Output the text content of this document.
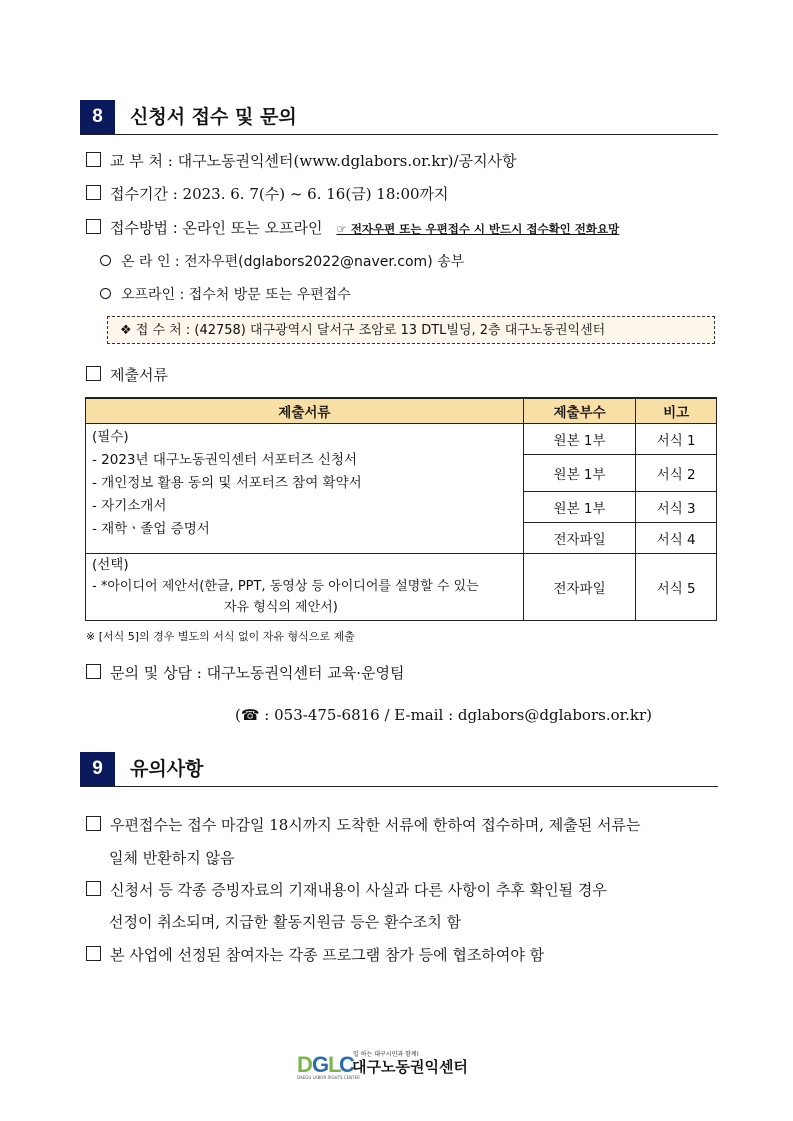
8	신청서 접수 및 문의
교 부 처 : 대구노동권익센터(www.dglabors.or.kr)/공지사항
접수기간 : 2023. 6. 7(수) ~ 6. 16(금) 18:00까지
접수방법 : 온라인 또는 오프라인 ☞ 전자우편 또는 우편접수 시 반드시 접수확인 전화요망
온 라 인 : 전자우편(dglabors2022@naver.com) 송부
오프라인 : 접수처 방문 또는 우편접수
❖ 접 수 처 : (42758) 대구광역시 달서구 조암로 13 DTL빌딩, 2층 대구노동권익센터
제출서류
제출서류	제출부수	비고

(필수)
- 2023년 대구노동권익센터 서포터즈 신청서
- 개인정보 활용 동의 및 서포터즈 참여 확약서
- 자기소개서
- 재학ㆍ졸업 증명서	원본 1부	서식 1
	원본 1부	서식 2
	원본 1부	서식 3
	전자파일	서식 4

(선택)
- *아이디어 제안서(한글, PPT, 동영상 등 아이디어를 설명할 수 있는
자유 형식의 제안서)	전자파일	서식 5
※ [서식 5]의 경우 별도의 서식 없이 자유 형식으로 제출
문의 및 상담 : 대구노동권익센터 교육·운영팀
(☎ : 053-475-6816 / E-mail : dglabors@dglabors.or.kr)
9	유의사항
우편접수는 접수 마감일 18시까지 도착한 서류에 한하여 접수하며, 제출된 서류는
일체 반환하지 않음
신청서 등 각종 증빙자료의 기재내용이 사실과 다른 사항이 추후 확인될 경우
선정이 취소되며, 지급한 활동지원금 등은 환수조치 함
본 사업에 선정된 참여자는 각종 프로그램 참가 등에 협조하여야 함
D G
L
C
일 하는 대구시민과 함께!
대구노동권익센터
DAEGU LABOR RIGHTS CENTER
